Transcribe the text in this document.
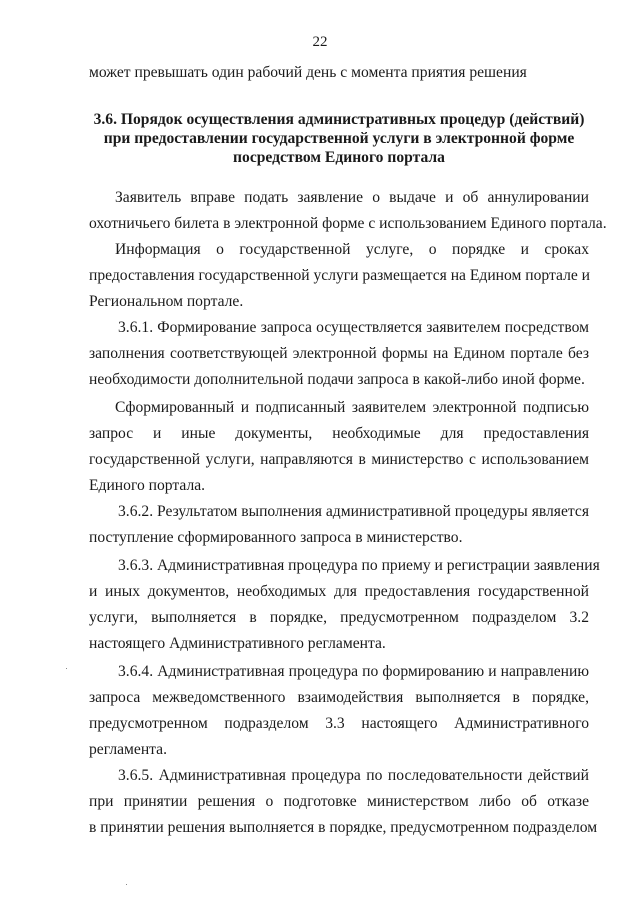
22
может превышать один рабочий день с момента приятия решения
3.6. Порядок осуществления административных процедур (действий)
при предоставлении государственной услуги в электронной форме
посредством Единого портала
Заявитель вправе подать заявление о выдаче и об аннулировании
охотничьего билета в электронной форме с использованием Единого портала.
Информация о государственной услуге, о порядке и сроках
предоставления государственной услуги размещается на Едином портале и
Региональном портале.
3.6.1. Формирование запроса осуществляется заявителем посредством
заполнения соответствующей электронной формы на Едином портале без
необходимости дополнительной подачи запроса в какой-либо иной форме.
Сформированный и подписанный заявителем электронной подписью
запрос и иные документы, необходимые для предоставления
государственной услуги, направляются в министерство с использованием
Единого портала.
3.6.2. Результатом выполнения административной процедуры является
поступление сформированного запроса в министерство.
3.6.3. Административная процедура по приему и регистрации заявления
и иных документов, необходимых для предоставления государственной
услуги, выполняется в порядке, предусмотренном подразделом 3.2
настоящего Административного регламента.
3.6.4. Административная процедура по формированию и направлению
запроса межведомственного взаимодействия выполняется в порядке,
предусмотренном подразделом 3.3 настоящего Административного
регламента.
3.6.5. Административная процедура по последовательности действий
при принятии решения о подготовке министерством либо об отказе
в принятии решения выполняется в порядке, предусмотренном подразделом
